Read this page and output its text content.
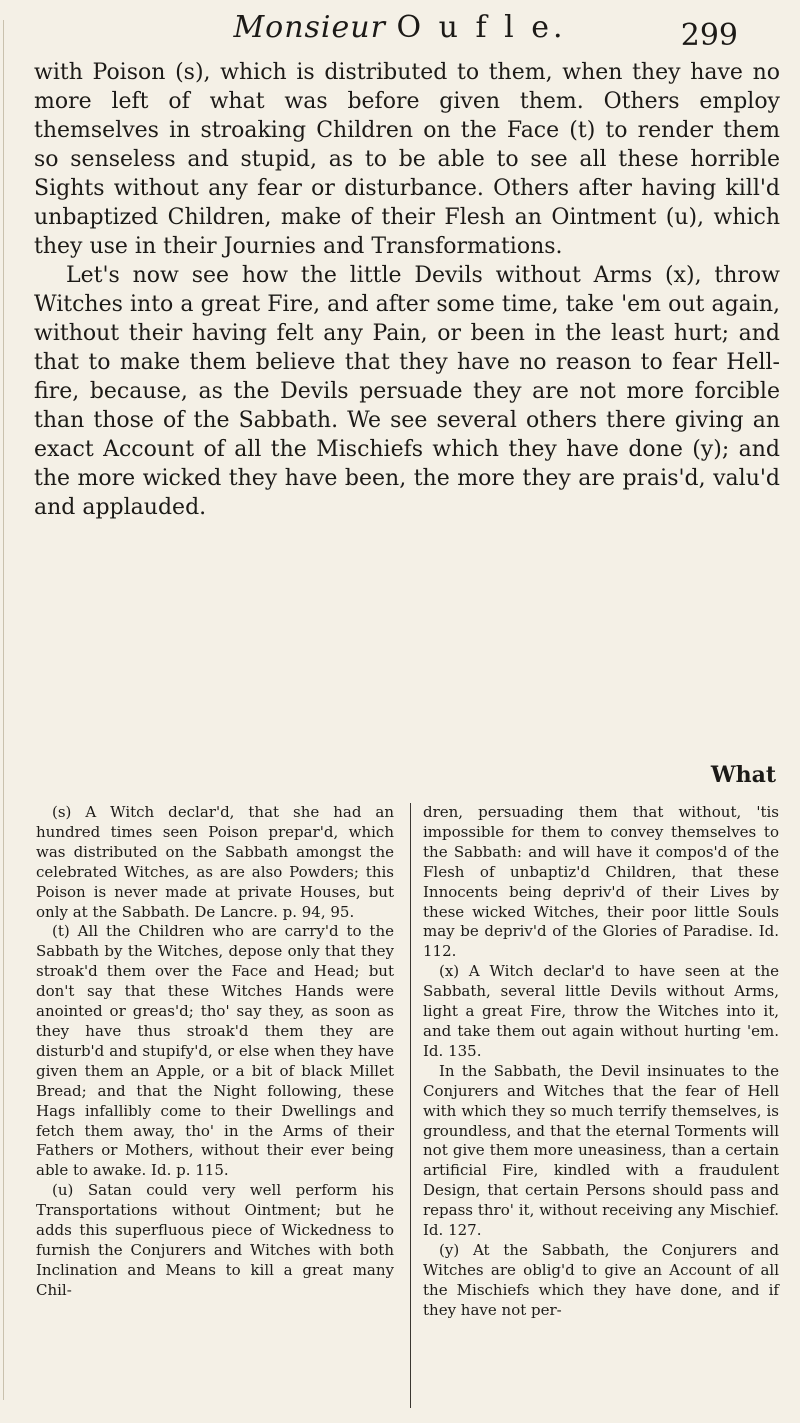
Monsieur O u f l e.	299

with Poison (s), which is distributed to them, when they have no more left of what was before given them. Others employ themselves in stroaking Children on the Face (t) to render them so senseless and stupid, as to be able to see all these horrible Sights without any fear or disturbance. Others after having kill'd unbaptized Children, make of their Flesh an Ointment (u), which they use in their Journies and Transformations.

Let's now see how the little Devils without Arms (x), throw Witches into a great Fire, and after some time, take 'em out again, without their having felt any Pain, or been in the least hurt; and that to make them believe that they have no reason to fear Hell-fire, because, as the Devils persuade they are not more forcible than those of the Sabbath. We see several others there giving an exact Account of all the Mischiefs which they have done (y); and the more wicked they have been, the more they are prais'd, valu'd and applauded.

What

(s) A Witch declar'd, that she had an hundred times seen Poison prepar'd, which was distributed on the Sabbath amongst the celebrated Witches, as are also Powders; this Poison is never made at private Houses, but only at the Sabbath. De Lancre. p. 94, 95.

(t) All the Children who are carry'd to the Sabbath by the Witches, depose only that they stroak'd them over the Face and Head; but don't say that these Witches Hands were anointed or greas'd; tho' say they, as soon as they have thus stroak'd them they are disturb'd and stupify'd, or else when they have given them an Apple, or a bit of black Millet Bread; and that the Night following, these Hags infallibly come to their Dwellings and fetch them away, tho' in the Arms of their Fathers or Mothers, without their ever being able to awake. Id. p. 115.

(u) Satan could very well perform his Transportations without Ointment; but he adds this superfluous piece of Wickedness to furnish the Conjurers and Witches with both Inclination and Means to kill a great many Chil-

dren, persuading them that without, 'tis impossible for them to convey themselves to the Sabbath: and will have it compos'd of the Flesh of unbaptiz'd Children, that these Innocents being depriv'd of their Lives by these wicked Witches, their poor little Souls may be depriv'd of the Glories of Paradise. Id. 112.

(x) A Witch declar'd to have seen at the Sabbath, several little Devils without Arms, light a great Fire, throw the Witches into it, and take them out again without hurting 'em. Id. 135.

In the Sabbath, the Devil insinuates to the Conjurers and Witches that the fear of Hell with which they so much terrify themselves, is groundless, and that the eternal Torments will not give them more uneasiness, than a certain artificial Fire, kindled with a fraudulent Design, that certain Persons should pass and repass thro' it, without receiving any Mischief. Id. 127.

(y) At the Sabbath, the Conjurers and Witches are oblig'd to give an Account of all the Mischiefs which they have done, and if they have not per-
